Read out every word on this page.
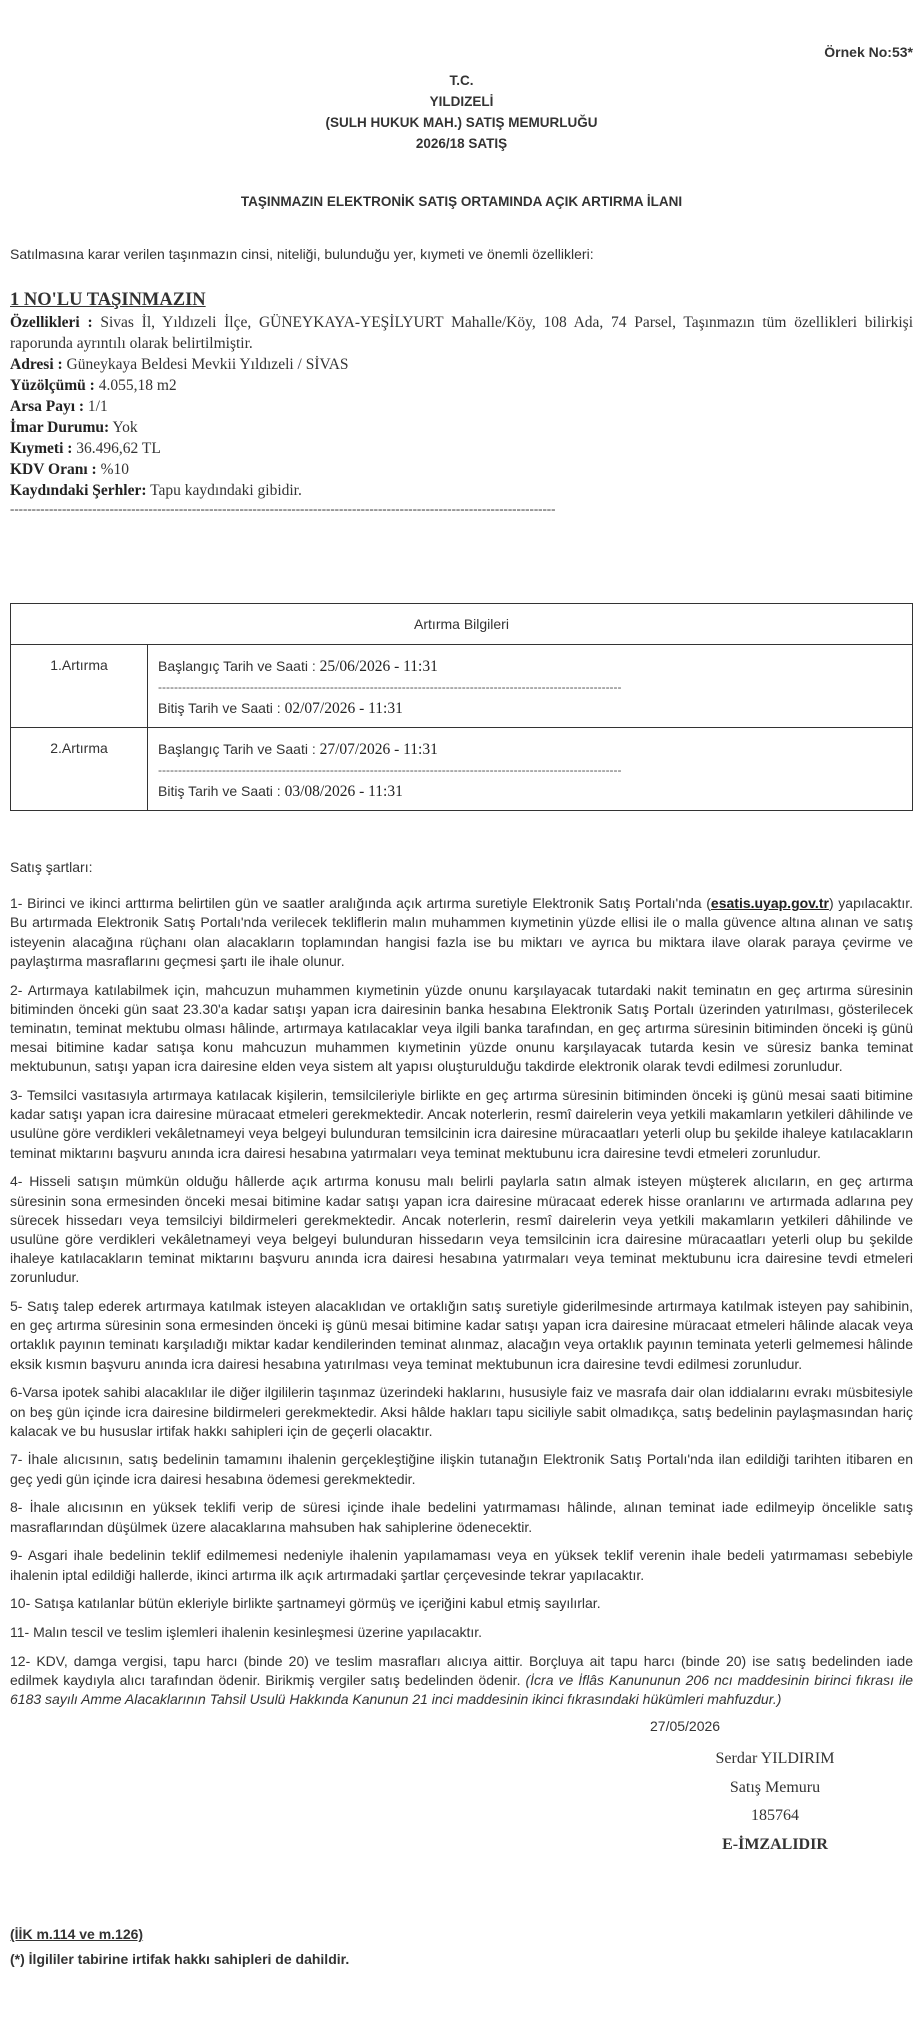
Örnek No:53*
T.C.
YILDIZELİ
(SULH HUKUK MAH.) SATIŞ MEMURLUĞU
2026/18 SATIŞ
TAŞINMAZIN ELEKTRONİK SATIŞ ORTAMINDA AÇIK ARTIRMA İLANI
Satılmasına karar verilen taşınmazın cinsi, niteliği, bulunduğu yer, kıymeti ve önemli özellikleri:
1 NO'LU TAŞINMAZIN
Özellikleri : Sivas İl, Yıldızeli İlçe, GÜNEYKAYA-YEŞİLYURT Mahalle/Köy, 108 Ada, 74 Parsel, Taşınmazın tüm özellikleri bilirkişi raporunda ayrıntılı olarak belirtilmiştir.
Adresi : Güneykaya Beldesi Mevkii Yıldızeli / SİVAS
Yüzölçümü : 4.055,18 m2
Arsa Payı : 1/1
İmar Durumu: Yok
Kıymeti : 36.496,62 TL
KDV Oranı : %10
Kaydındaki Şerhler: Tapu kaydındaki gibidir.
------------------------------------------------------------------------------------------------------------------------------
Artırma Bilgileri	
1.Artırma	Başlangıç Tarih ve Saati : 25/06/2026 - 11:31
--------------------------------------------------------------------------------------------------------------------
Bitiş Tarih ve Saati : 02/07/2026 - 11:31

2.Artırma	Başlangıç Tarih ve Saati : 27/07/2026 - 11:31
--------------------------------------------------------------------------------------------------------------------
Bitiş Tarih ve Saati : 03/08/2026 - 11:31

Satış şartları:

1- Birinci ve ikinci arttırma belirtilen gün ve saatler aralığında açık artırma suretiyle Elektronik Satış Portalı'nda (esatis.uyap.gov.tr) yapılacaktır. Bu artırmada Elektronik Satış Portalı'nda verilecek tekliflerin malın muhammen kıymetinin yüzde ellisi ile o malla güvence altına alınan ve satış isteyenin alacağına rüçhanı olan alacakların toplamından hangisi fazla ise bu miktarı ve ayrıca bu miktara ilave olarak paraya çevirme ve paylaştırma masraflarını geçmesi şartı ile ihale olunur.

2- Artırmaya katılabilmek için, mahcuzun muhammen kıymetinin yüzde onunu karşılayacak tutardaki nakit teminatın en geç artırma süresinin bitiminden önceki gün saat 23.30'a kadar satışı yapan icra dairesinin banka hesabına Elektronik Satış Portalı üzerinden yatırılması, gösterilecek teminatın, teminat mektubu olması hâlinde, artırmaya katılacaklar veya ilgili banka tarafından, en geç artırma süresinin bitiminden önceki iş günü mesai bitimine kadar satışa konu mahcuzun muhammen kıymetinin yüzde onunu karşılayacak tutarda kesin ve süresiz banka teminat mektubunun, satışı yapan icra dairesine elden veya sistem alt yapısı oluşturulduğu takdirde elektronik olarak tevdi edilmesi zorunludur.

3- Temsilci vasıtasıyla artırmaya katılacak kişilerin, temsilcileriyle birlikte en geç artırma süresinin bitiminden önceki iş günü mesai saati bitimine kadar satışı yapan icra dairesine müracaat etmeleri gerekmektedir. Ancak noterlerin, resmî dairelerin veya yetkili makamların yetkileri dâhilinde ve usulüne göre verdikleri vekâletnameyi veya belgeyi bulunduran temsilcinin icra dairesine müracaatları yeterli olup bu şekilde ihaleye katılacakların teminat miktarını başvuru anında icra dairesi hesabına yatırmaları veya teminat mektubunu icra dairesine tevdi etmeleri zorunludur.

4- Hisseli satışın mümkün olduğu hâllerde açık artırma konusu malı belirli paylarla satın almak isteyen müşterek alıcıların, en geç artırma süresinin sona ermesinden önceki mesai bitimine kadar satışı yapan icra dairesine müracaat ederek hisse oranlarını ve artırmada adlarına pey sürecek hissedarı veya temsilciyi bildirmeleri gerekmektedir. Ancak noterlerin, resmî dairelerin veya yetkili makamların yetkileri dâhilinde ve usulüne göre verdikleri vekâletnameyi veya belgeyi bulunduran hissedarın veya temsilcinin icra dairesine müracaatları yeterli olup bu şekilde ihaleye katılacakların teminat miktarını başvuru anında icra dairesi hesabına yatırmaları veya teminat mektubunu icra dairesine tevdi etmeleri zorunludur.

5- Satış talep ederek artırmaya katılmak isteyen alacaklıdan ve ortaklığın satış suretiyle giderilmesinde artırmaya katılmak isteyen pay sahibinin, en geç artırma süresinin sona ermesinden önceki iş günü mesai bitimine kadar satışı yapan icra dairesine müracaat etmeleri hâlinde alacak veya ortaklık payının teminatı karşıladığı miktar kadar kendilerinden teminat alınmaz, alacağın veya ortaklık payının teminata yeterli gelmemesi hâlinde eksik kısmın başvuru anında icra dairesi hesabına yatırılması veya teminat mektubunun icra dairesine tevdi edilmesi zorunludur.

6-Varsa ipotek sahibi alacaklılar ile diğer ilgililerin taşınmaz üzerindeki haklarını, hususiyle faiz ve masrafa dair olan iddialarını evrakı müsbitesiyle on beş gün içinde icra dairesine bildirmeleri gerekmektedir. Aksi hâlde hakları tapu siciliyle sabit olmadıkça, satış bedelinin paylaşmasından hariç kalacak ve bu hususlar irtifak hakkı sahipleri için de geçerli olacaktır.

7- İhale alıcısının, satış bedelinin tamamını ihalenin gerçekleştiğine ilişkin tutanağın Elektronik Satış Portalı'nda ilan edildiği tarihten itibaren en geç yedi gün içinde icra dairesi hesabına ödemesi gerekmektedir.

8- İhale alıcısının en yüksek teklifi verip de süresi içinde ihale bedelini yatırmaması hâlinde, alınan teminat iade edilmeyip öncelikle satış masraflarından düşülmek üzere alacaklarına mahsuben hak sahiplerine ödenecektir.

9- Asgari ihale bedelinin teklif edilmemesi nedeniyle ihalenin yapılamaması veya en yüksek teklif verenin ihale bedeli yatırmaması sebebiyle ihalenin iptal edildiği hallerde, ikinci artırma ilk açık artırmadaki şartlar çerçevesinde tekrar yapılacaktır.

10- Satışa katılanlar bütün ekleriyle birlikte şartnameyi görmüş ve içeriğini kabul etmiş sayılırlar.

11- Malın tescil ve teslim işlemleri ihalenin kesinleşmesi üzerine yapılacaktır.

12- KDV, damga vergisi, tapu harcı (binde 20) ve teslim masrafları alıcıya aittir. Borçluya ait tapu harcı (binde 20) ise satış bedelinden iade edilmek kaydıyla alıcı tarafından ödenir. Birikmiş vergiler satış bedelinden ödenir. (İcra ve İflâs Kanununun 206 ncı maddesinin birinci fıkrası ile 6183 sayılı Amme Alacaklarının Tahsil Usulü Hakkında Kanunun 21 inci maddesinin ikinci fıkrasındaki hükümleri mahfuzdur.)

27/05/2026
Serdar YILDIRIM
Satış Memuru
185764
E-İMZALIDIR
(İİK m.114 ve m.126)
(*) İlgililer tabirine irtifak hakkı sahipleri de dahildir.
